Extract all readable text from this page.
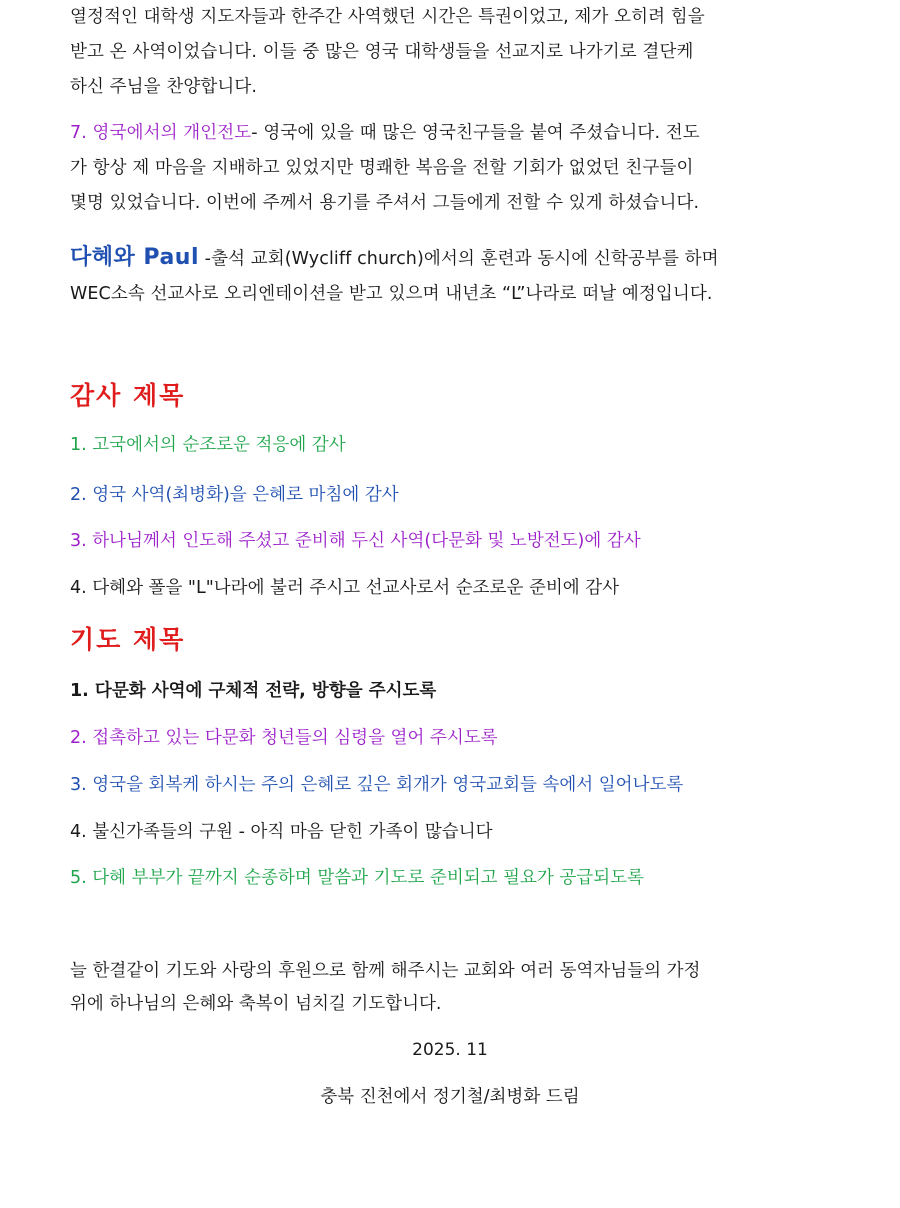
열정적인 대학생 지도자들과 한주간 사역했던 시간은 특권이었고, 제가 오히려 힘을
받고 온 사역이었습니다. 이들 중 많은 영국 대학생들을 선교지로 나가기로 결단케
하신 주님을 찬양합니다.
7. 영국에서의 개인전도- 영국에 있을 때 많은 영국친구들을 붙여 주셨습니다. 전도
가 항상 제 마음을 지배하고 있었지만 명쾌한 복음을 전할 기회가 없었던 친구들이
몇명 있었습니다. 이번에 주께서 용기를 주셔서 그들에게 전할 수 있게 하셨습니다.
다혜와 Paul -출석 교회(Wycliff church)에서의 훈련과 동시에 신학공부를 하며
WEC소속 선교사로 오리엔테이션을 받고 있으며 내년초 “L”나라로 떠날 예정입니다.
감사 제목
1. 고국에서의 순조로운 적응에 감사
2. 영국 사역(최병화)을 은혜로 마침에 감사
3. 하나님께서 인도해 주셨고 준비해 두신 사역(다문화 및 노방전도)에 감사
4. 다혜와 폴을 "L"나라에 불러 주시고 선교사로서 순조로운 준비에 감사
기도 제목
1. 다문화 사역에 구체적 전략, 방향을 주시도록
2. 접촉하고 있는 다문화 청년들의 심령을 열어 주시도록
3. 영국을 회복케 하시는 주의 은혜로 깊은 회개가 영국교회들 속에서 일어나도록
4. 불신가족들의 구원 - 아직 마음 닫힌 가족이 많습니다
5. 다혜 부부가 끝까지 순종하며 말씀과 기도로 준비되고 필요가 공급되도록
늘 한결같이 기도와 사랑의 후원으로 함께 해주시는 교회와 여러 동역자님들의 가정
위에 하나님의 은혜와 축복이 넘치길 기도합니다.
2025. 11
충북 진천에서 정기철/최병화 드림
